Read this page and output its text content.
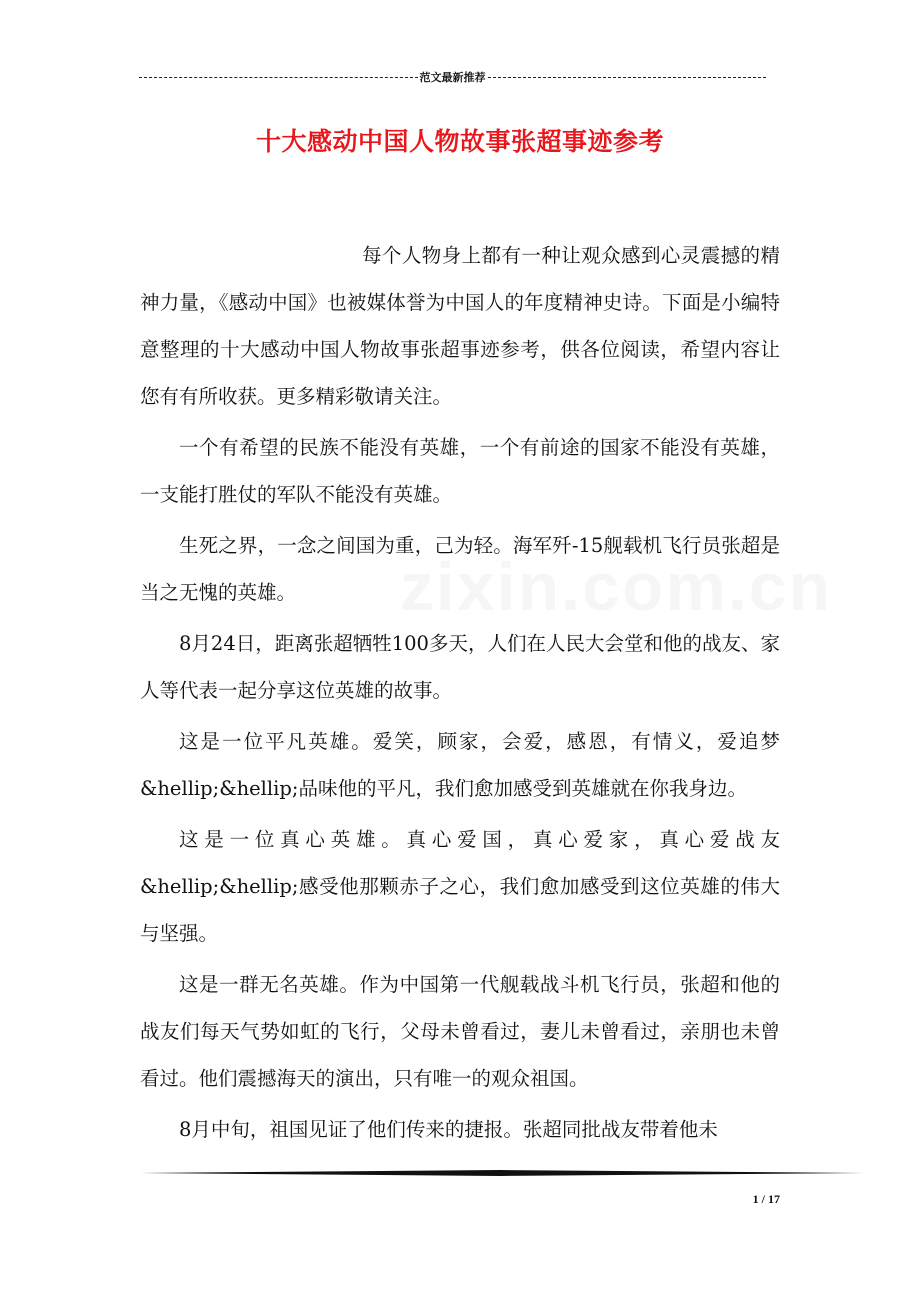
范文最新推荐
十大感动中国人物故事张超事迹参考
zixin.com.cn

每个人物身上都有一种让观众感到心灵震撼的精神力量，《感动中国》也被媒体誉为中国人的年度精神史诗。下面是小编特意整理的十大感动中国人物故事张超事迹参考，供各位阅读，希望内容让您有有所收获。更多精彩敬请关注。

一个有希望的民族不能没有英雄，一个有前途的国家不能没有英雄，一支能打胜仗的军队不能没有英雄。

生死之界，一念之间国为重，己为轻。海军歼-15舰载机飞行员张超是当之无愧的英雄。

8月24日，距离张超牺牲100多天，人们在人民大会堂和他的战友、家人等代表一起分享这位英雄的故事。

这是一位平凡英雄。爱笑，顾家，会爱，感恩，有情义，爱追梦&hellip;&hellip;品味他的平凡，我们愈加感受到英雄就在你我身边。

这是一位真心英雄。真心爱国，真心爱家，真心爱战友&hellip;&hellip;感受他那颗赤子之心，我们愈加感受到这位英雄的伟大与坚强。

这是一群无名英雄。作为中国第一代舰载战斗机飞行员，张超和他的战友们每天气势如虹的飞行，父母未曾看过，妻儿未曾看过，亲朋也未曾看过。他们震撼海天的演出，只有唯一的观众祖国。

8月中旬，祖国见证了他们传来的捷报。张超同批战友带着他未

1 / 17
